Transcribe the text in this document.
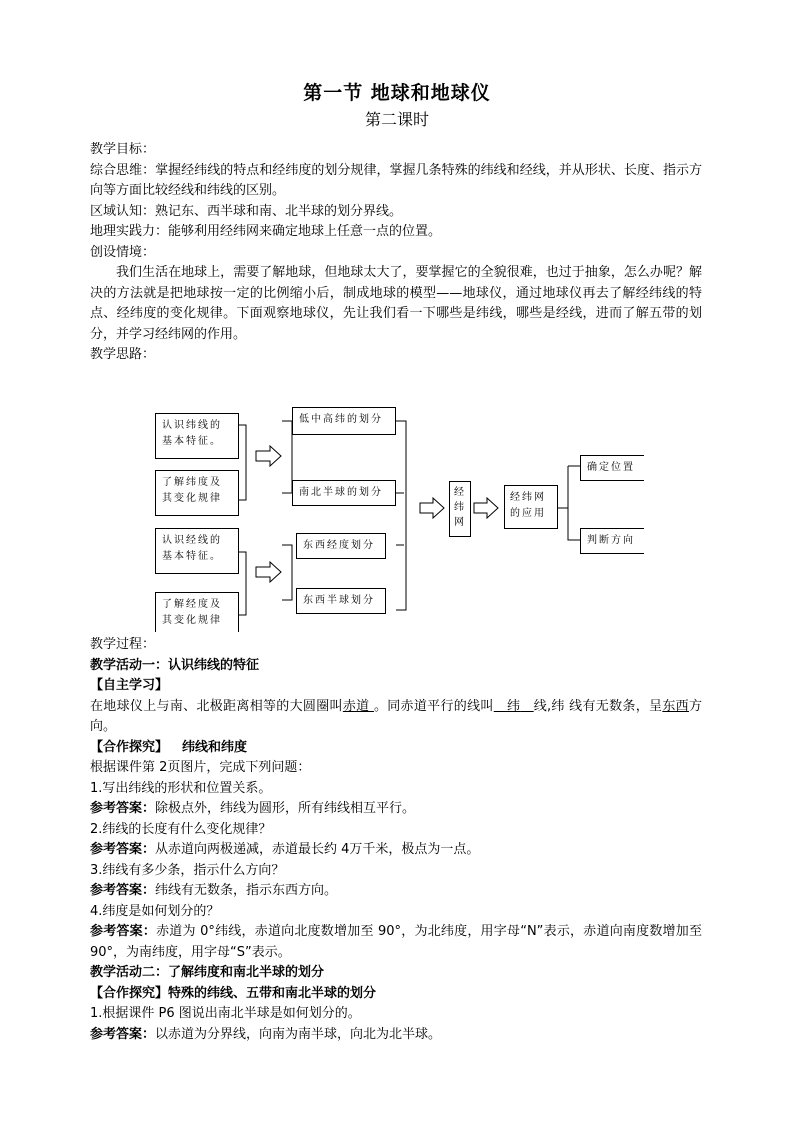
第一节 地球和地球仪
第二课时

教学目标：

综合思维：掌握经纬线的特点和经纬度的划分规律，掌握几条特殊的纬线和经线，并从形状、长度、指示方向等方面比较经线和纬线的区别。

区域认知：熟记东、西半球和南、北半球的划分界线。

地理实践力：能够利用经纬网来确定地球上任意一点的位置。

创设情境：

我们生活在地球上，需要了解地球，但地球太大了，要掌握它的全貌很难，也过于抽象，怎么办呢？解决的方法就是把地球按一定的比例缩小后，制成地球的模型——地球仪，通过地球仪再去了解经纬线的特点、经纬度的变化规律。下面观察地球仪，先让我们看一下哪些是纬线，哪些是经线，进而了解五带的划分，并学习经纬网的作用。

教学思路：

认识纬线的基本特征。
了解纬度及其变化规律
认识经线的基本特征。
了解经度及其变化规律
低中高纬的划分
南北半球的划分
东西经度划分
东西半球划分
经纬网
经纬网的应用
确定位置
判断方向

教学过程：

教学活动一：认识纬线的特征

【自主学习】

在地球仪上与南、北极距离相等的大圆圈叫赤道 。同赤道平行的线叫 纬 线,纬 线有无数条，呈东西方向。

【合作探究】 纬线和纬度

根据课件第 2页图片，完成下列问题：

1.写出纬线的形状和位置关系。

参考答案：除极点外，纬线为圆形，所有纬线相互平行。

2.纬线的长度有什么变化规律？

参考答案：从赤道向两极递减，赤道最长约 4万千米，极点为一点。

3.纬线有多少条，指示什么方向？

参考答案：纬线有无数条，指示东西方向。

4.纬度是如何划分的？

参考答案：赤道为 0°纬线，赤道向北度数增加至 90°，为北纬度，用字母“N”表示，赤道向南度数增加至 90°，为南纬度，用字母“S”表示。

教学活动二：了解纬度和南北半球的划分

【合作探究】特殊的纬线、五带和南北半球的划分

1.根据课件 P6 图说出南北半球是如何划分的。

参考答案：以赤道为分界线，向南为南半球，向北为北半球。
